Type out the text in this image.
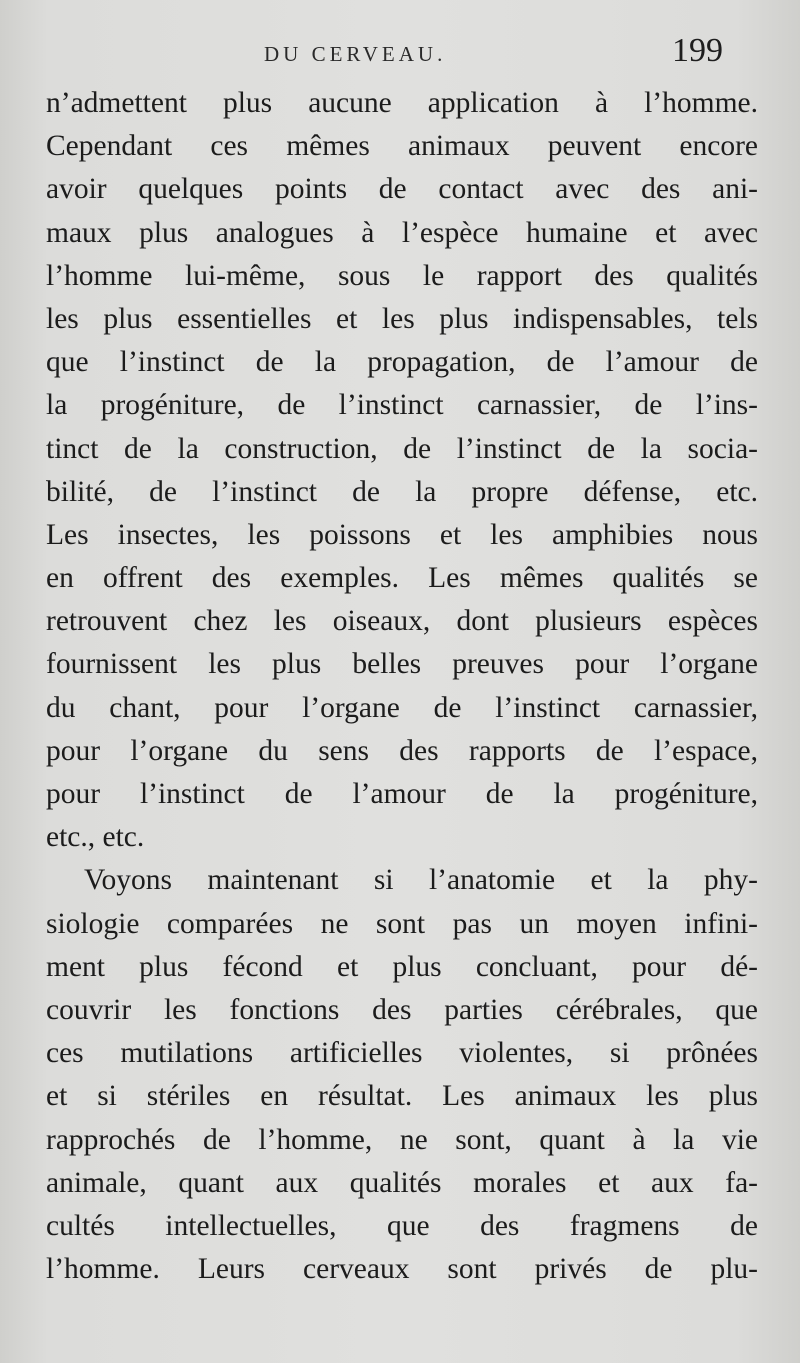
DU CERVEAU.	199
n’admettent plus aucune application à l’homme.
Cependant ces mêmes animaux peuvent encore
avoir quelques points de contact avec des ani-
maux plus analogues à l’espèce humaine et avec
l’homme lui-même, sous le rapport des qualités
les plus essentielles et les plus indispensables, tels
que l’instinct de la propagation, de l’amour de
la progéniture, de l’instinct carnassier, de l’ins-
tinct de la construction, de l’instinct de la socia-
bilité, de l’instinct de la propre défense, etc.
Les insectes, les poissons et les amphibies nous
en offrent des exemples. Les mêmes qualités se
retrouvent chez les oiseaux, dont plusieurs espèces
fournissent les plus belles preuves pour l’organe
du chant, pour l’organe de l’instinct carnassier,
pour l’organe du sens des rapports de l’espace,
pour l’instinct de l’amour de la progéniture,
etc., etc.
Voyons maintenant si l’anatomie et la phy-
siologie comparées ne sont pas un moyen infini-
ment plus fécond et plus concluant, pour dé-
couvrir les fonctions des parties cérébrales, que
ces mutilations artificielles violentes, si prônées
et si stériles en résultat. Les animaux les plus
rapprochés de l’homme, ne sont, quant à la vie
animale, quant aux qualités morales et aux fa-
cultés intellectuelles, que des fragmens de
l’homme. Leurs cerveaux sont privés de plu-
